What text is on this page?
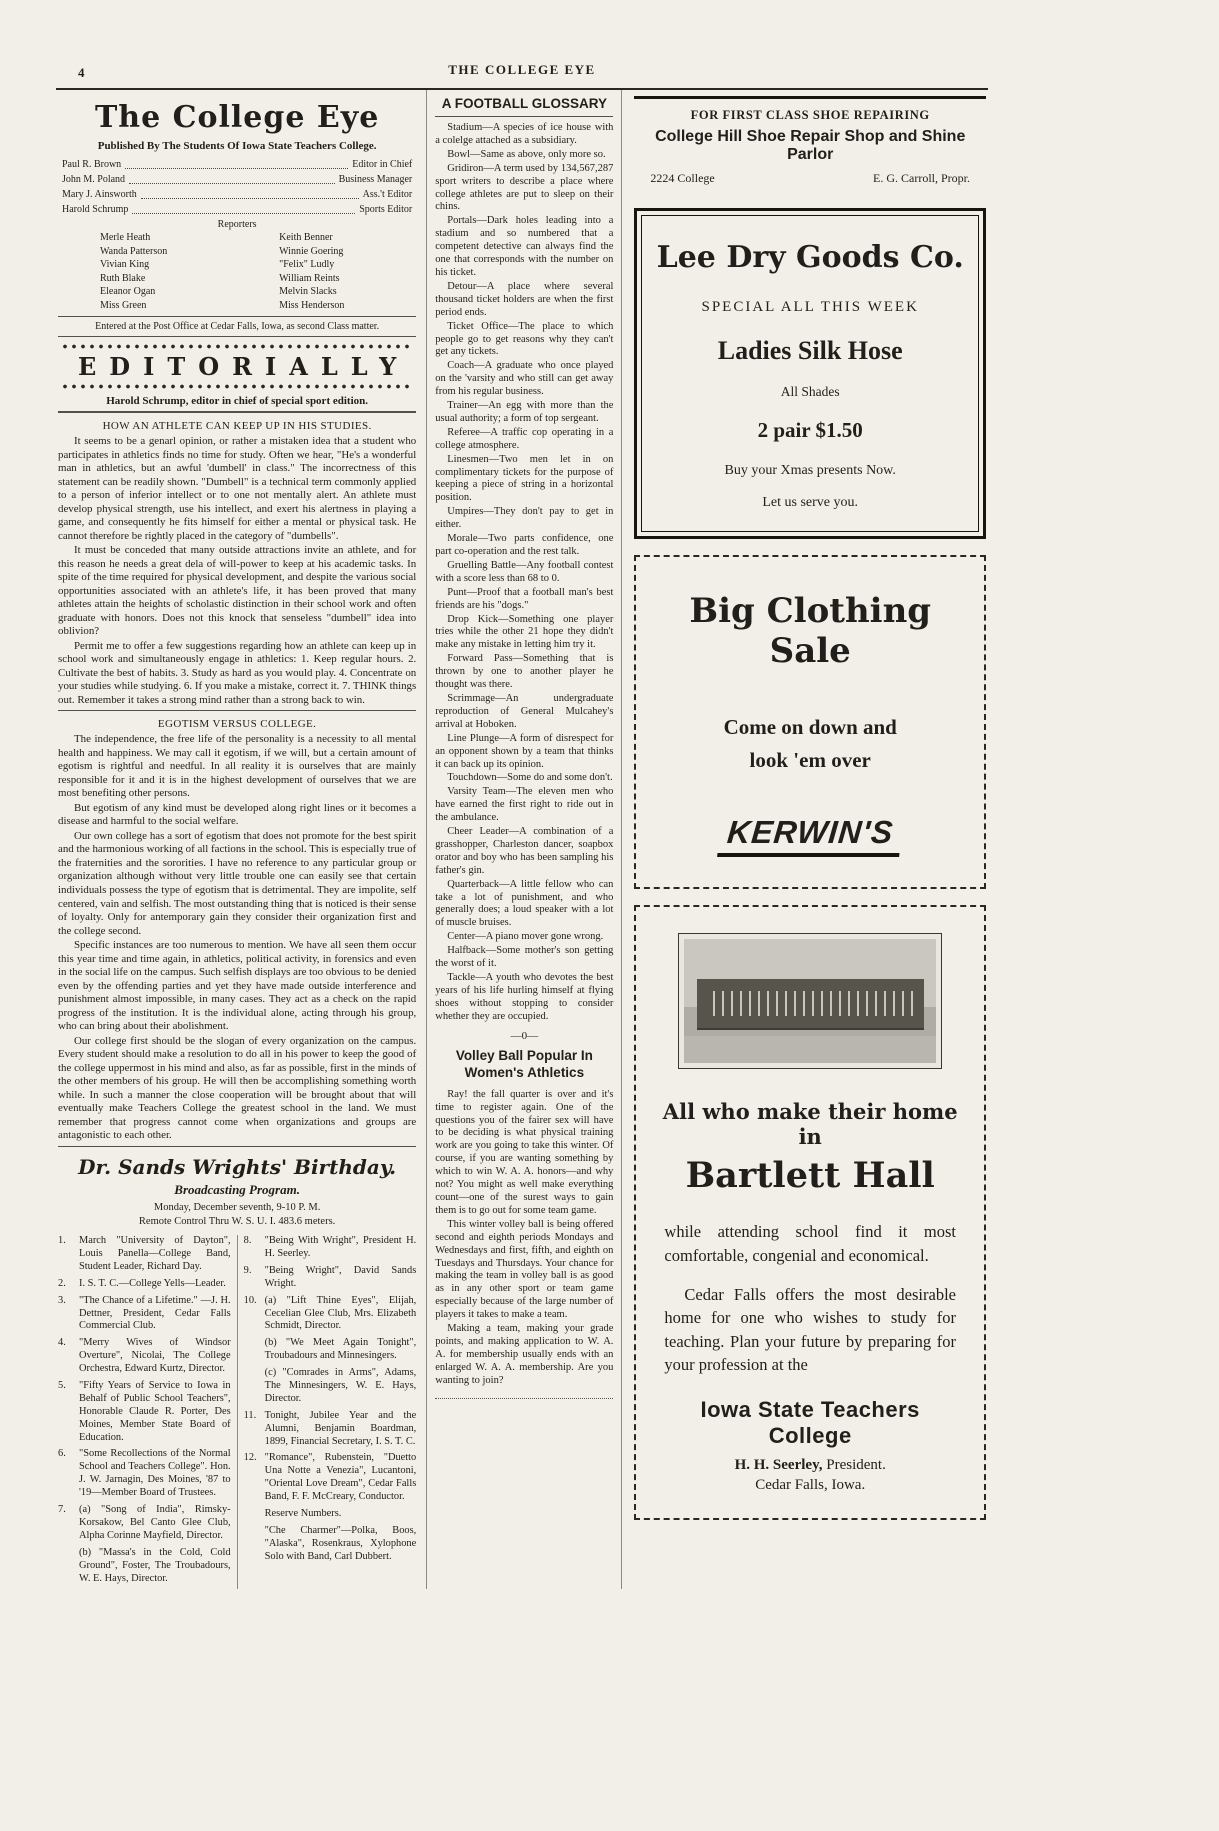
4	THE COLLEGE EYE
The College Eye
Published By The Students Of Iowa State Teachers College.
Paul R. Brown	Editor in Chief
John M. Poland	Business Manager
Mary J. Ainsworth	Ass.'t Editor
Harold Schrump	Sports Editor
Reporters
Merle Heath
Wanda Patterson
Vivian King
Ruth Blake
Eleanor Ogan
Miss Green
Keith Benner
Winnie Goering
"Felix" Ludly
William Reints
Melvin Slacks
Miss Henderson
Entered at the Post Office at Cedar Falls, Iowa, as second Class matter.
EDITORIALLY
Harold Schrump, editor in chief of special sport edition.
HOW AN ATHLETE CAN KEEP UP IN HIS STUDIES.

It seems to be a genarl opinion, or rather a mistaken idea that a student who participates in athletics finds no time for study. Often we hear, "He's a wonderful man in athletics, but an awful 'dumbell' in class." The incorrectness of this statement can be readily shown. "Dumbell" is a technical term commonly applied to a person of inferior intellect or to one not mentally alert. An athlete must develop physical strength, use his intellect, and exert his alertness in playing a game, and consequently he fits himself for either a mental or physical task. He cannot therefore be rightly placed in the category of "dumbells".

It must be conceded that many outside attractions invite an athlete, and for this reason he needs a great dela of will-power to keep at his academic tasks. In spite of the time required for physical development, and despite the various social opportunities associated with an athlete's life, it has been proved that many athletes attain the heights of scholastic distinction in their school work and often graduate with honors. Does not this knock that senseless "dumbell" idea into oblivion?

Permit me to offer a few suggestions regarding how an athlete can keep up in school work and simultaneously engage in athletics: 1. Keep regular hours. 2. Cultivate the best of habits. 3. Study as hard as you would play. 4. Concentrate on your studies while studying. 6. If you make a mistake, correct it. 7. THINK things out. Remember it takes a strong mind rather than a strong back to win.

EGOTISM VERSUS COLLEGE.

The independence, the free life of the personality is a necessity to all mental health and happiness. We may call it egotism, if we will, but a certain amount of egotism is rightful and needful. In all reality it is ourselves that are mainly responsible for it and it is in the highest development of ourselves that we are most benefiting other persons.

But egotism of any kind must be developed along right lines or it becomes a disease and harmful to the social welfare.

Our own college has a sort of egotism that does not promote for the best spirit and the harmonious working of all factions in the school. This is especially true of the fraternities and the sororities. I have no reference to any particular group or organization although without very little trouble one can easily see that certain individuals possess the type of egotism that is detrimental. They are impolite, self centered, vain and selfish. The most outstanding thing that is noticed is their sense of loyalty. Only for antemporary gain they consider their organization first and the college second.

Specific instances are too numerous to mention. We have all seen them occur this year time and time again, in athletics, political activity, in forensics and even in the social life on the campus. Such selfish displays are too obvious to be denied even by the offending parties and yet they have made outside interference and punishment almost impossible, in many cases. They act as a check on the rapid progress of the institution. It is the individual alone, acting through his group, who can bring about their abolishment.

Our college first should be the slogan of every organization on the campus. Every student should make a resolution to do all in his power to keep the good of the college uppermost in his mind and also, as far as possible, first in the minds of the other members of his group. He will then be accomplishing something worth while. In such a manner the close cooperation will be brought about that will eventually make Teachers College the greatest school in the land. We must remember that progress cannot come when organizations and groups are antagonistic to each other.

Dr. Sands Wrights' Birthday.
Broadcasting Program.
Monday, December seventh, 9-10 P. M.
Remote Control Thru W. S. U. I. 483.6 meters.
1.	March "University of Dayton", Louis Panella—College Band, Student Leader, Richard Day.
2.	I. S. T. C.—College Yells—Leader.
3.	"The Chance of a Lifetime." —J. H. Dettner, President, Cedar Falls Commercial Club.
4.	"Merry Wives of Windsor Overture", Nicolai, The College Orchestra, Edward Kurtz, Director.
5.	"Fifty Years of Service to Iowa in Behalf of Public School Teachers", Honorable Claude R. Porter, Des Moines, Member State Board of Education.
6.	"Some Recollections of the Normal School and Teachers College". Hon. J. W. Jarnagin, Des Moines, '87 to '19—Member Board of Trustees.
7.	(a) "Song of India", Rimsky-Korsakow, Bel Canto Glee Club, Alpha Corinne Mayfield, Director.
(b) "Massa's in the Cold, Cold Ground", Foster, The Troubadours, W. E. Hays, Director.
8.	"Being With Wright", President H. H. Seerley.
9.	"Being Wright", David Sands Wright.
10. (a) "Lift Thine Eyes", Elijah, Cecelian Glee Club, Mrs. Elizabeth Schmidt, Director.
(b) "We Meet Again Tonight", Troubadours and Minnesingers.
(c) "Comrades in Arms", Adams, The Minnesingers, W. E. Hays, Director.
11. Tonight, Jubilee Year and the Alumni, Benjamin Boardman, 1899, Financial Secretary, I. S. T. C.
12. "Romance", Rubenstein, "Duetto Una Notte a Venezia", Lucantoni, "Oriental Love Dream", Cedar Falls Band, F. F. McCreary, Conductor.
Reserve Numbers.
"Che Charmer"—Polka, Boos, "Alaska", Rosenkraus, Xylophone Solo with Band, Carl Dubbert.
A FOOTBALL GLOSSARY

Stadium—A species of ice house with a colelge attached as a subsidiary.

Bowl—Same as above, only more so.

Gridiron—A term used by 134,567,287 sport writers to describe a place where college athletes are put to sleep on their chins.

Portals—Dark holes leading into a stadium and so numbered that a competent detective can always find the one that corresponds with the number on his ticket.

Detour—A place where several thousand ticket holders are when the first period ends.

Ticket Office—The place to which people go to get reasons why they can't get any tickets.

Coach—A graduate who once played on the 'varsity and who still can get away from his regular business.

Trainer—An egg with more than the usual authority; a form of top sergeant.

Referee—A traffic cop operating in a college atmosphere.

Linesmen—Two men let in on complimentary tickets for the purpose of keeping a piece of string in a horizontal position.

Umpires—They don't pay to get in either.

Morale—Two parts confidence, one part co-operation and the rest talk.

Gruelling Battle—Any football contest with a score less than 68 to 0.

Punt—Proof that a football man's best friends are his "dogs."

Drop Kick—Something one player tries while the other 21 hope they didn't make any mistake in letting him try it.

Forward Pass—Something that is thrown by one to another player he thought was there.

Scrimmage—An undergraduate reproduction of General Mulcahey's arrival at Hoboken.

Line Plunge—A form of disrespect for an opponent shown by a team that thinks it can back up its opinion.

Touchdown—Some do and some don't.

Varsity Team—The eleven men who have earned the first right to ride out in the ambulance.

Cheer Leader—A combination of a grasshopper, Charleston dancer, soapbox orator and boy who has been sampling his father's gin.

Quarterback—A little fellow who can take a lot of punishment, and who generally does; a loud speaker with a lot of muscle bruises.

Center—A piano mover gone wrong.

Halfback—Some mother's son getting the worst of it.

Tackle—A youth who devotes the best years of his life hurling himself at flying shoes without stopping to consider whether they are occupied.

—0—
Volley Ball Popular In Women's Athletics

Ray! the fall quarter is over and it's time to register again. One of the questions you of the fairer sex will have to be deciding is what physical training work are you going to take this winter. Of course, if you are wanting something by which to win W. A. A. honors—and why not? You might as well make everything count—one of the surest ways to gain them is to go out for some team game.

This winter volley ball is being offered second and eighth periods Mondays and Wednesdays and first, fifth, and eighth on Tuesdays and Thursdays. Your chance for making the team in volley ball is as good as in any other sport or team game especially because of the large number of players it takes to make a team.

Making a team, making your grade points, and making application to W. A. A. for membership usually ends with an enlarged W. A. A. membership. Are you wanting to join?

FOR FIRST CLASS SHOE REPAIRING
College Hill Shoe Repair Shop and Shine Parlor
2224 College	E. G. Carroll, Propr.
Lee Dry Goods Co.
SPECIAL ALL THIS WEEK
Ladies Silk Hose
All Shades
2 pair $1.50
Buy your Xmas presents Now.
Let us serve you.
Big Clothing Sale
Come on down and
look 'em over
KERWIN'S
All who make their home in
Bartlett Hall

while attending school find it most comfortable, congenial and economical.

Cedar Falls offers the most desirable home for one who wishes to study for teaching. Plan your future by preparing for your profession at the

Iowa State Teachers College
H. H. Seerley, President.
Cedar Falls, Iowa.
